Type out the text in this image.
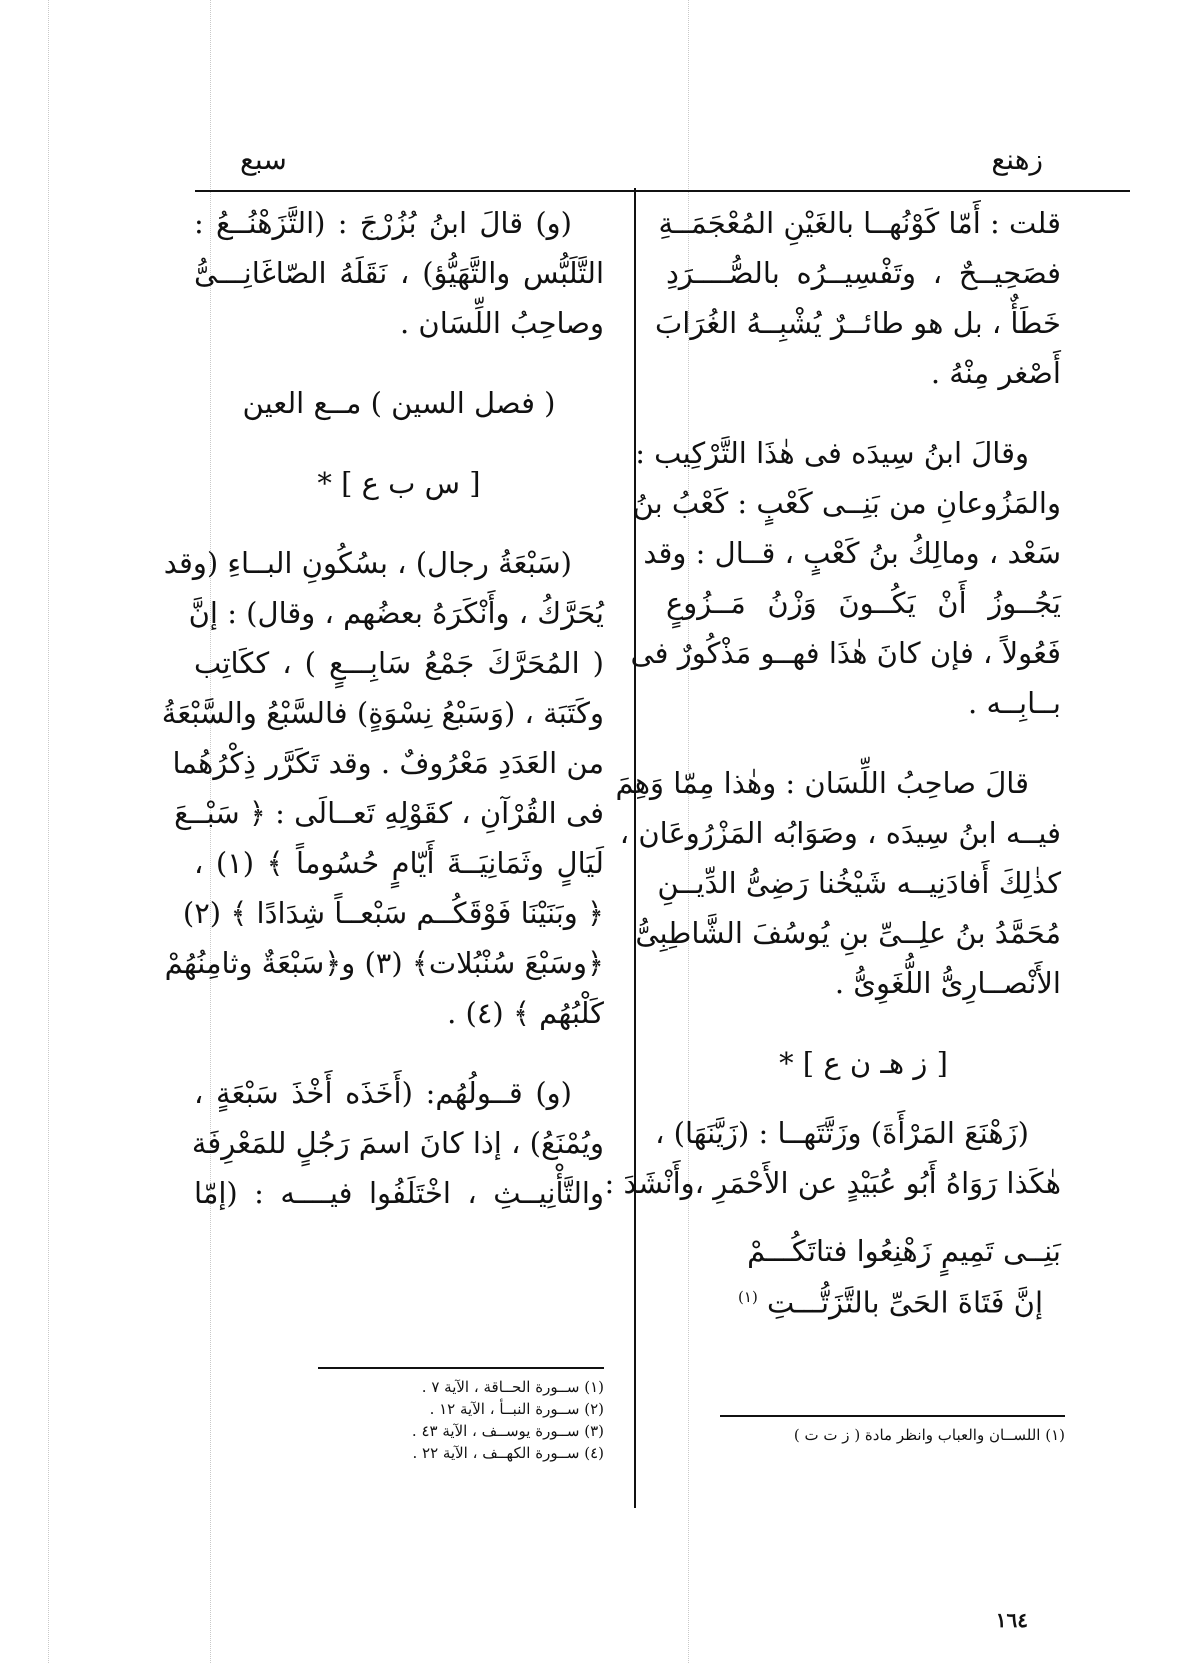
زهنع
سبع
قلت : أَمّا كَوْنُهــا بالغَيْنِ المُعْجَمَــةِ
فصَحِيــحٌ ، وتَفْسِيــرُه بالصُّــــرَدِ
خَطَأٌ ، بل هو طائــرٌ يُشْبِــهُ الغُرَابَ
أَصْغر مِنْهُ .
وقالَ ابنُ سِيدَه فى هٰذَا التَّرْكِيب :
والمَزُوعانِ من بَنِــى كَعْبٍ : كَعْبُ بنُ
سَعْد ، ومالِكُ بنُ كَعْبٍ ، قــال : وقد
يَجُــوزُ أَنْ يَكُــونَ وَزْنُ مَــزُوعٍ
فَعُولاً ، فإن كانَ هٰذَا فهــو مَذْكُورٌ فى
بــابِــه .
قالَ صاحِبُ اللِّسَان : وهٰذا مِمّا وَهِمَ
فيــه ابنُ سِيدَه ، وصَوَابُه المَزْرُوعَان ،
كذٰلِكَ أَفادَنِيــه شَيْخُنا رَضِىُّ الدِّيــنِ
مُحَمَّدُ بنُ علِــىِّ بنِ يُوسُفَ الشَّاطِبِىُّ
الأَنْصــارِىُّ اللُّغَوِىُّ .
[ ز هـ ن ع ] *
(زَهْنَعَ المَرْأَةَ) وزَتَّتَهــا : (زَيَّنَهَا) ،
هٰكَذا رَوَاهُ أَبُو عُبَيْدٍ عن الأَحْمَرِ ،وأَنْشَدَ :
بَنِــى تَمِيمٍ زَهْنِعُوا فتاتَكُـــمْ
إنَّ فَتَاةَ الحَىِّ بالتَّزَتُّـــتِ $^{(١)}$
(١) اللســان والعباب وانظر مادة ( ز ت ت )
(و) قالَ ابنُ بُزُرْجَ : (التَّزَهْنُــعُ :
التَّلَبُّس والتَّهَيُّؤ) ، نَقَلَهُ الصّاغَانِـــىُّ
وصاحِبُ اللِّسَان .
( فصل السين ) مــع العين
[ س ب ع ] *
(سَبْعَةُ رجال) ، بسُكُونِ البــاءِ (وقد
يُحَرَّكُ ، وأَنْكَرَهُ بعضُهم ، وقال) : إنَّ
( المُحَرَّكَ جَمْعُ سَابِـــعٍ ) ، ككَاتِب
وكَتَبَة ، (وَسَبْعُ نِسْوَةٍ) فالسَّبْعُ والسَّبْعَةُ
من العَدَدِ مَعْرُوفٌ . وقد تَكَرَّر ذِكْرُهُما
فى القُرْآنِ ، كقَوْلِهِ تَعــالَى : ﴿ سَبْــعَ
لَيَالٍ وثَمَانِيَــةَ أَيّامٍ حُسُوماً ﴾ (١) ،
﴿ وبَنَيْنَا فَوْقَكُــم سَبْعــاً شِدَادًا ﴾ (٢)
﴿وسَبْعَ سُنْبُلات﴾ (٣) و﴿سَبْعَةٌ وثامِنُهُمْ
كَلْبُهُم ﴾ (٤) .
(و) قــولُهُم: (أَخَذَه أَخْذَ سَبْعَةٍ ،
ويُمْنَعُ) ، إذا كانَ اسمَ رَجُلٍ للمَعْرِفَة
والتَّأْنِيــثِ ، اخْتَلَفُوا فيــــه : (إمّا
(١) ســورة الحــاقة ، الآية ٧ .
(٢) ســورة النبــأ ، الآية ١٢ .
(٣) ســورة يوســف ، الآية ٤٣ .
(٤) ســورة الكهــف ، الآية ٢٢ .
١٦٤
